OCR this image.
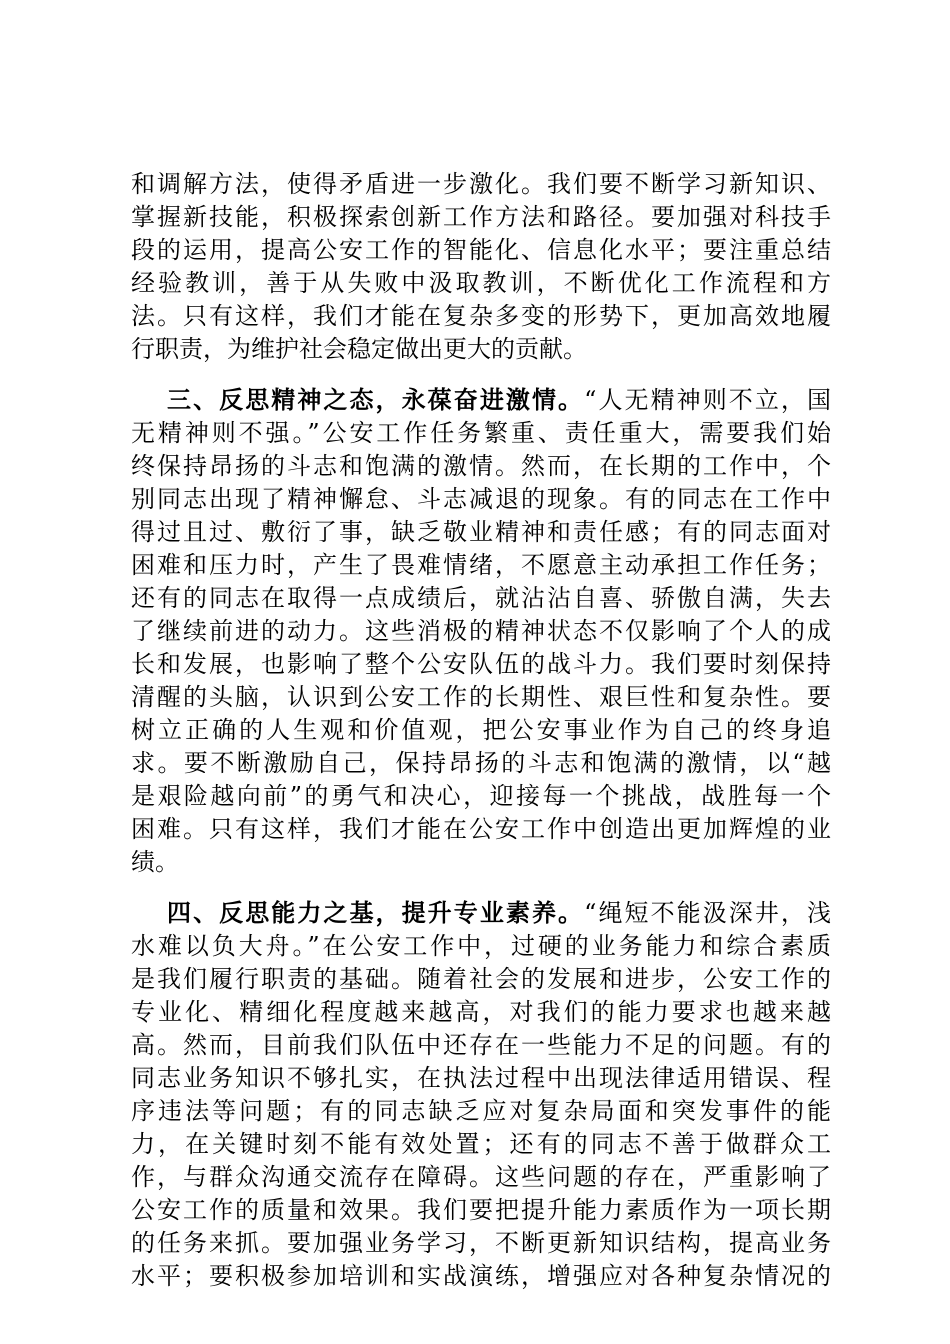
和调解方法，使得矛盾进一步激化。我们要不断学习新知识、
掌握新技能，积极探索创新工作方法和路径。要加强对科技手
段的运用，提高公安工作的智能化、信息化水平；要注重总结
经验教训，善于从失败中汲取教训，不断优化工作流程和方
法。只有这样，我们才能在复杂多变的形势下，更加高效地履
行职责，为维护社会稳定做出更大的贡献。
三、反思精神之态，永葆奋进激情。“人无精神则不立，国
无精神则不强。”公安工作任务繁重、责任重大，需要我们始
终保持昂扬的斗志和饱满的激情。然而，在长期的工作中，个
别同志出现了精神懈怠、斗志减退的现象。有的同志在工作中
得过且过、敷衍了事，缺乏敬业精神和责任感；有的同志面对
困难和压力时，产生了畏难情绪，不愿意主动承担工作任务；
还有的同志在取得一点成绩后，就沾沾自喜、骄傲自满，失去
了继续前进的动力。这些消极的精神状态不仅影响了个人的成
长和发展，也影响了整个公安队伍的战斗力。我们要时刻保持
清醒的头脑，认识到公安工作的长期性、艰巨性和复杂性。要
树立正确的人生观和价值观，把公安事业作为自己的终身追
求。要不断激励自己，保持昂扬的斗志和饱满的激情，以“越
是艰险越向前”的勇气和决心，迎接每一个挑战，战胜每一个
困难。只有这样，我们才能在公安工作中创造出更加辉煌的业
绩。
四、反思能力之基，提升专业素养。“绳短不能汲深井，浅
水难以负大舟。”在公安工作中，过硬的业务能力和综合素质
是我们履行职责的基础。随着社会的发展和进步，公安工作的
专业化、精细化程度越来越高，对我们的能力要求也越来越
高。然而，目前我们队伍中还存在一些能力不足的问题。有的
同志业务知识不够扎实，在执法过程中出现法律适用错误、程
序违法等问题；有的同志缺乏应对复杂局面和突发事件的能
力，在关键时刻不能有效处置；还有的同志不善于做群众工
作，与群众沟通交流存在障碍。这些问题的存在，严重影响了
公安工作的质量和效果。我们要把提升能力素质作为一项长期
的任务来抓。要加强业务学习，不断更新知识结构，提高业务
水平；要积极参加培训和实战演练，增强应对各种复杂情况的
